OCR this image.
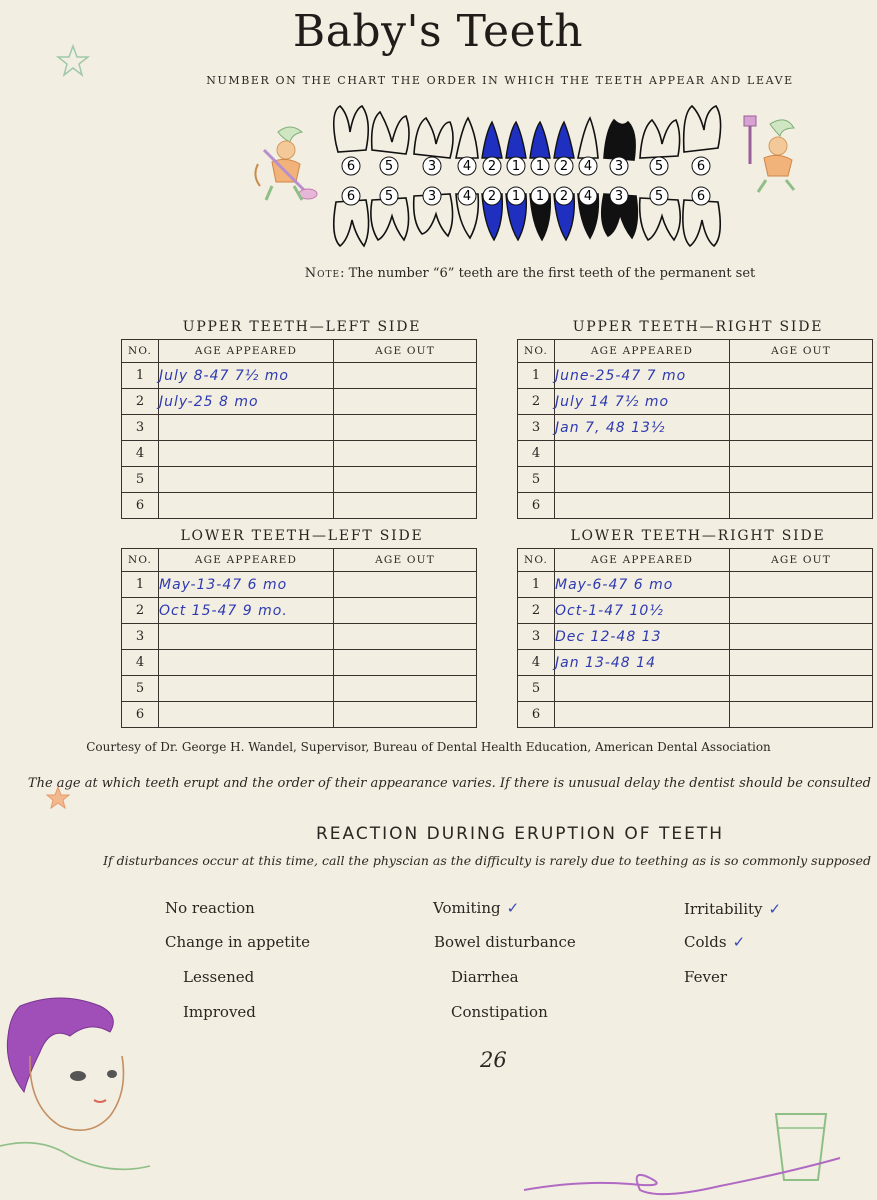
Baby's Teeth
NUMBER ON THE CHART THE ORDER IN WHICH THE TEETH APPEAR AND LEAVE
6 5	3 4 2 1 1 2 4 3 5	6
6 5	3 4 2 1 1 2 4 3 5	6
Note: The number “6” teeth are the first teeth of the permanent set
UPPER TEETH—LEFT SIDE
NO.	AGE APPEARED	AGE OUT
1	July 8-47 7½ mo	
2	July-25 8 mo	
3		
4		
5		
6		
UPPER TEETH—RIGHT SIDE
NO.	AGE APPEARED	AGE OUT
1	June-25-47 7 mo	
2	July 14 7½ mo	
3	Jan 7, 48 13½	
4		
5		
6		
LOWER TEETH—LEFT SIDE
NO.	AGE APPEARED	AGE OUT
1	May-13-47 6 mo	
2	Oct 15-47 9 mo.	
3		
4		
5		
6		
LOWER TEETH—RIGHT SIDE
NO.	AGE APPEARED	AGE OUT
1	May-6-47 6 mo	
2	Oct-1-47 10½	
3	Dec 12-48 13	
4	Jan 13-48 14	
5		
6		
Courtesy of Dr. George H. Wandel, Supervisor, Bureau of Dental Health Education, American Dental Association
The age at which teeth erupt and the order of their appearance varies. If there is unusual delay the dentist should be consulted
REACTION DURING ERUPTION OF TEETH
If disturbances occur at this time, call the physcian as the difficulty is rarely due to teething as is so commonly supposed
No reaction
Change in appetite
Lessened
Improved
Vomiting ✓
Bowel disturbance
Diarrhea
Constipation
Irritability ✓
Colds ✓
Fever
26
